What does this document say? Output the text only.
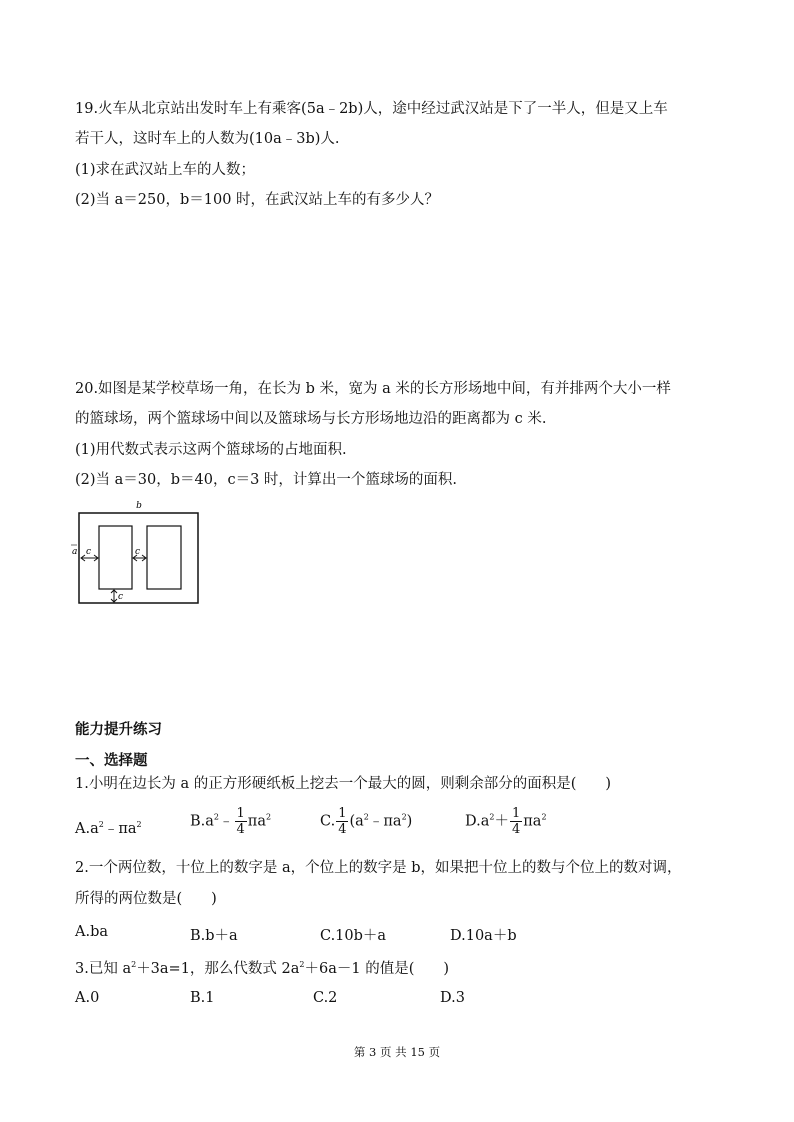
19.火车从北京站出发时车上有乘客(5a﹣2b)人，途中经过武汉站是下了一半人，但是又上车
若干人，这时车上的人数为(10a﹣3b)人.
(1)求在武汉站上车的人数；
(2)当 a＝250，b＝100 时，在武汉站上车的有多少人？
20.如图是某学校草场一角，在长为 b 米，宽为 a 米的长方形场地中间，有并排两个大小一样
的篮球场，两个篮球场中间以及篮球场与长方形场地边沿的距离都为 c 米.
(1)用代数式表示这两个篮球场的占地面积.
(2)当 a＝30，b＝40，c＝3 时，计算出一个篮球场的面积.
b
a c	c
c
能力提升练习
一、选择题
1.小明在边长为 a 的正方形硬纸板上挖去一个最大的圆，则剩余部分的面积是(　　)
$A.a^2﹣\pi a^2$	$B.a^2﹣ \frac{1}{4} \pi a^2$	C. $\frac{1}{4}$ $(a^2﹣\pi a^2)$	$D.a^2+ \frac{1}{4} \pi a^2$
2.一个两位数，十位上的数字是 a，个位上的数字是 b，如果把十位上的数与个位上的数对调，
所得的两位数是(　　)
A.ba	B.b＋a	C.10b＋a	D.10a＋b
3.已知 $a^2+3a=1$，那么代数式 $2a^2+6a-1$ 的值是(　　)
A.0	B.1	C.2	D.3
第 3 页 共 15 页
